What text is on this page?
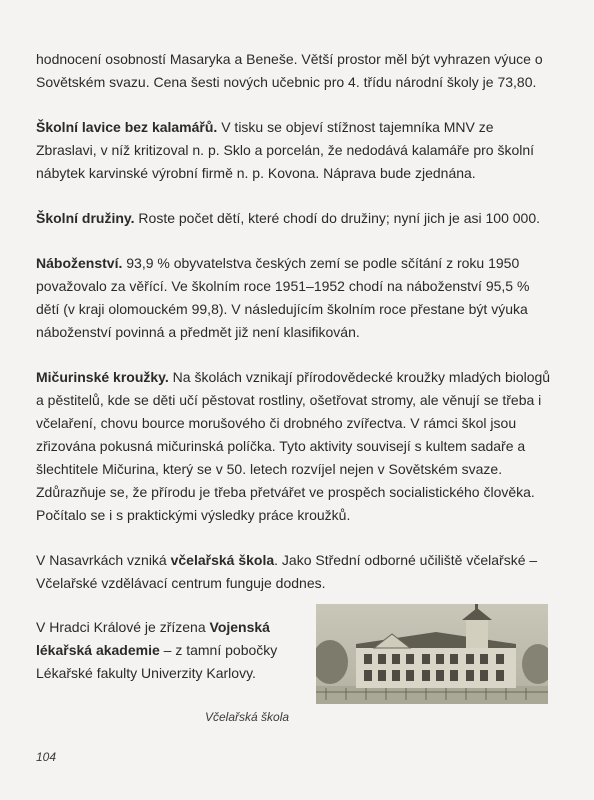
hodnocení osobností Masaryka a Beneše. Větší prostor měl být vyhrazen výuce o Sovětském svazu. Cena šesti nových učebnic pro 4. třídu národní školy je 73,80.

Školní lavice bez kalamářů. V tisku se objeví stížnost tajemníka MNV ze Zbraslavi, v níž kritizoval n. p. Sklo a porcelán, že nedodává kalamáře pro školní nábytek karvinské výrobní firmě n. p. Kovona. Náprava bude zjednána.

Školní družiny. Roste počet dětí, které chodí do družiny; nyní jich je asi 100 000.

Náboženství. 93,9 % obyvatelstva českých zemí se podle sčítání z roku 1950 považovalo za věřící. Ve školním roce 1951–1952 chodí na náboženství 95,5 % dětí (v kraji olomouckém 99,8). V následujícím školním roce přestane být výuka náboženství povinná a předmět již není klasifikován.

Mičurinské kroužky. Na školách vznikají přírodovědecké kroužky mladých biologů a pěstitelů, kde se děti učí pěstovat rostliny, ošetřovat stromy, ale věnují se třeba i včelaření, chovu bource morušového či drobného zvířectva. V rámci škol jsou zřizována pokusná mičurinská políčka. Tyto aktivity souvisejí s kultem sadaře a šlechtitele Mičurina, který se v 50. letech rozvíjel nejen v Sovětském svaze. Zdůrazňuje se, že přírodu je třeba přetvářet ve prospěch socialistického člověka. Počítalo se i s praktickými výsledky práce kroužků.

V Nasavrkách vzniká včelařská škola. Jako Střední odborné učiliště včelařské – Včelařské vzdělávací centrum funguje dodnes.

V Hradci Králové je zřízena Vojenská lékařská akademie – z tamní pobočky Lékařské fakulty Univerzity Karlovy.
Včelařská škola
104
